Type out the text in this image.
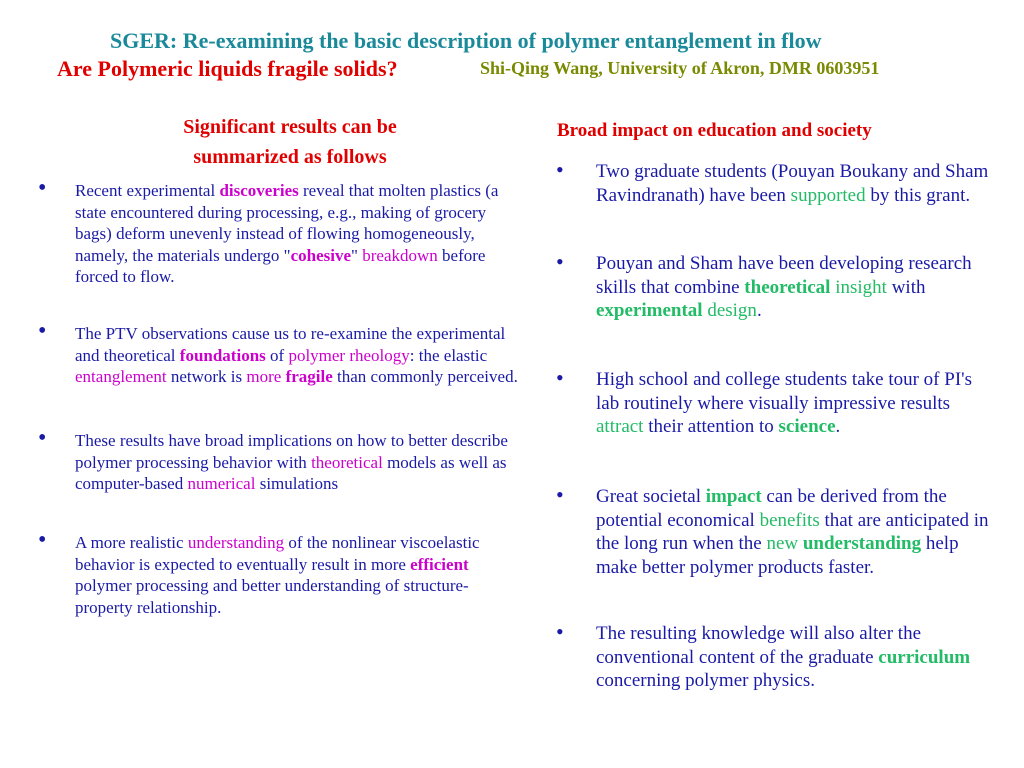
SGER: Re-examining the basic description of polymer entanglement in flow
Are Polymeric liquids fragile solids?	Shi-Qing Wang, University of Akron, DMR 0603951
Significant results can be
summarized as follows
• Recent experimental discoveries reveal that molten plastics (a state encountered during processing, e.g., making of grocery bags) deform unevenly instead of flowing homogeneously, namely, the materials undergo "cohesive" breakdown before forced to flow.
• The PTV observations cause us to re-examine the experimental and theoretical foundations of polymer rheology: the elastic entanglement network is more fragile than commonly perceived.
• These results have broad implications on how to better describe polymer processing behavior with theoretical models as well as computer-based numerical simulations
• A more realistic understanding of the nonlinear viscoelastic behavior is expected to eventually result in more efficient polymer processing and better understanding of structure-property relationship.
Broad impact on education and society
• Two graduate students (Pouyan Boukany and Sham Ravindranath) have been supported by this grant.
• Pouyan and Sham have been developing research skills that combine theoretical insight with experimental design.
• High school and college students take tour of PI's lab routinely where visually impressive results attract their attention to science.
• Great societal impact can be derived from the potential economical benefits that are anticipated in the long run when the new understanding help make better polymer products faster.
• The resulting knowledge will also alter the conventional content of the graduate curriculum concerning polymer physics.
